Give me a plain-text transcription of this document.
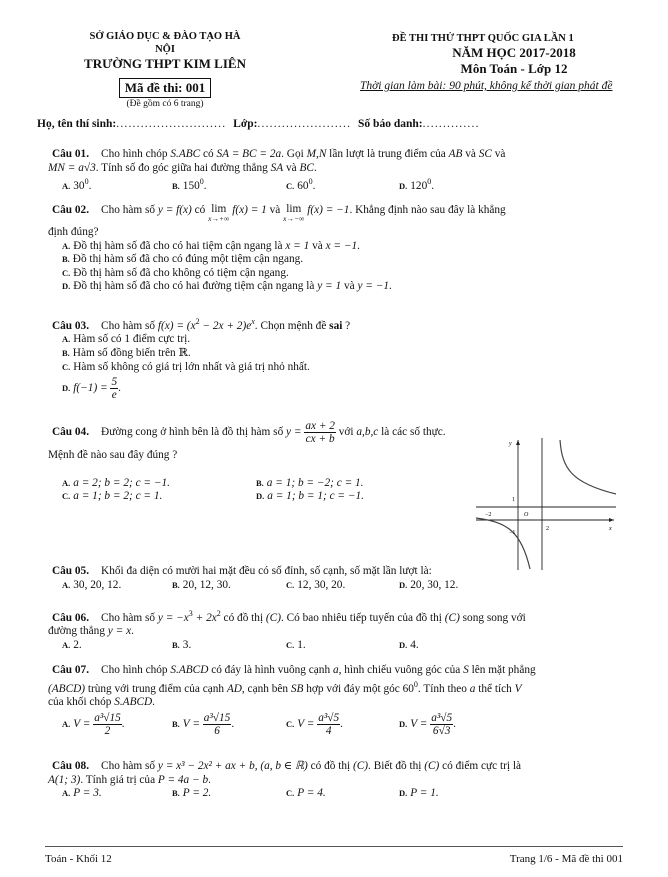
SỞ GIÁO DỤC & ĐÀO TẠO HÀ NỘI
TRƯỜNG THPT KIM LIÊN
Mã đề thi: 001
(Đề gồm có 6 trang)
ĐỀ THI THỬ THPT QUỐC GIA LẦN 1
NĂM HỌC 2017-2018
Môn Toán - Lớp 12
Thời gian làm bài: 90 phút, không kể thời gian phát đề
Họ, tên thí sinh:........................... Lớp:....................... Số báo danh:..............
Câu 01. Cho hình chóp S.ABC có SA = BC = 2a. Gọi M,N lần lượt là trung điểm của AB và SC và
MN = a√3. Tính số đo góc giữa hai đường thẳng SA và BC.
A. $30^0$.	B. $150^0$.	C. $60^0$.	D. $120^0$.
Câu 02. Cho hàm số y = f(x) có lim
x→+∞
f(x) = 1 và lim
x→−∞
f(x) = −1. Khẳng định nào sau đây là khẳng
định đúng?
A. Đồ thị hàm số đã cho có hai tiệm cận ngang là x = 1 và x = −1.
B. Đồ thị hàm số đã cho có đúng một tiệm cận ngang.
C. Đồ thị hàm số đã cho không có tiệm cận ngang.
D. Đồ thị hàm số đã cho có hai đường tiệm cận ngang là y = 1 và y = −1.
Câu 03. Cho hàm số $f(x) = (x^2 - 2x + 2)e^x$. Chọn mệnh đề sai ?
A. Hàm số có 1 điểm cực trị.
B. Hàm số đồng biến trên ℝ.
C. Hàm số không có giá trị lớn nhất và giá trị nhỏ nhất.
D. $f(-1) = \frac{5}{e}$ .
Câu 04. Đường cong ở hình bên là đồ thị hàm số $y = \frac{ax + 2}{cx + b}$ với a,b,c là các số thực.
Mệnh đề nào sau đây đúng ?
A. a = 2; b = 2; c = −1.	B. a = 1; b = −2; c = 1.
C. a = 1; b = 2; c = 1.	D. a = 1; b = 1; c = −1.
y
x
O
−2
2
1
−1
Câu 05. Khối đa diện có mười hai mặt đều có số đỉnh, số cạnh, số mặt lần lượt là:
A. 30, 20, 12.	B. 20, 12, 30.	C. 12, 30, 20.	D. 20, 30, 12.
Câu 06. Cho hàm số $y = -x^3 + 2x^2$ có đồ thị (C). Có bao nhiêu tiếp tuyến của đồ thị (C) song song với
đường thẳng y = x.
A. 2.	B. 3.	C. 1.	D. 4.
Câu 07. Cho hình chóp S.ABCD có đáy là hình vuông cạnh a, hình chiếu vuông góc của S lên mặt phẳng
(ABCD) trùng với trung điểm của cạnh AD, cạnh bên SB hợp với đáy một góc $60^0$. Tính theo a thể tích V
của khối chóp S.ABCD.
A. $V = \frac{\text{a³√15}}{2}$ .	B. $V = \frac{\text{a³√15}}{6}$ .	C. $V = \frac{\text{a³√5}}{4}$ .	D. $V = \frac{\text{a³√5}}{6√3}$ .
Câu 08. Cho hàm số y = x³ − 2x² + ax + b, (a, b ∈ ℝ) có đồ thị (C). Biết đồ thị (C) có điểm cực trị là
A(1; 3). Tính giá trị của P = 4a − b.
A. P = 3.	B. P = 2.	C. P = 4.	D. P = 1.
Toán - Khối 12	Trang 1/6 - Mã đề thi 001
